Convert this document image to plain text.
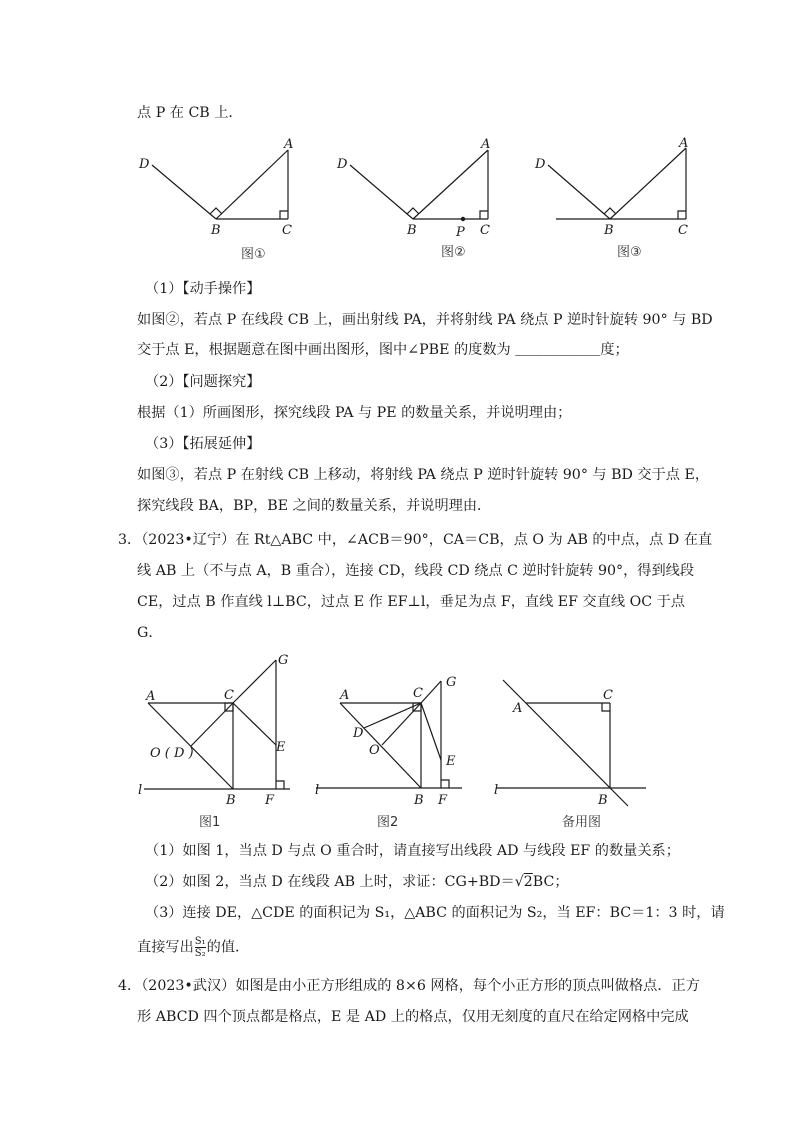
点 P 在 CB 上．
D
A
B	C
图①
D
A
B	P C
图②
D
A
B	C
图③
（1）【动手操作】
如图②，若点 P 在线段 CB 上，画出射线 PA，并将射线 PA 绕点 P 逆时针旋转 90° 与 BD
交于点 E，根据题意在图中画出图形，图中∠PBE 的度数为 ＿＿＿＿＿＿度；
（2）【问题探究】
根据（1）所画图形，探究线段 PA 与 PE 的数量关系，并说明理由；
（3）【拓展延伸】
如图③，若点 P 在射线 CB 上移动，将射线 PA 绕点 P 逆时针旋转 90° 与 BD 交于点 E，
探究线段 BA，BP，BE 之间的数量关系，并说明理由．
3．（2023•辽宁）在 Rt△ABC 中，∠ACB＝90°，CA＝CB，点 O 为 AB 的中点，点 D 在直
线 AB 上（不与点 A，B 重合），连接 CD，线段 CD 绕点 C 逆时针旋转 90°，得到线段
CE，过点 B 作直线 l⊥BC，过点 E 作 EF⊥l，垂足为点 F，直线 EF 交直线 OC 于点
G．
A	C
G
O ( D )	E
l
B F
图1
A	C
G
D
O
E
l
B F
图2
A
C
l
B
备用图
（1）如图 1，当点 D 与点 O 重合时，请直接写出线段 AD 与线段 EF 的数量关系；
（2）如图 2，当点 D 在线段 AB 上时，求证：CG+BD＝√2BC；
（3）连接 DE，△CDE 的面积记为 S₁，△ABC 的面积记为 S₂，当 EF：BC＝1：3 时，请
直接写出 $\frac{\text{S₁}}{\text{S₂}}$ 的值．
4．（2023•武汉）如图是由小正方形组成的 8×6 网格，每个小正方形的顶点叫做格点．正方
形 ABCD 四个顶点都是格点，E 是 AD 上的格点，仅用无刻度的直尺在给定网格中完成
